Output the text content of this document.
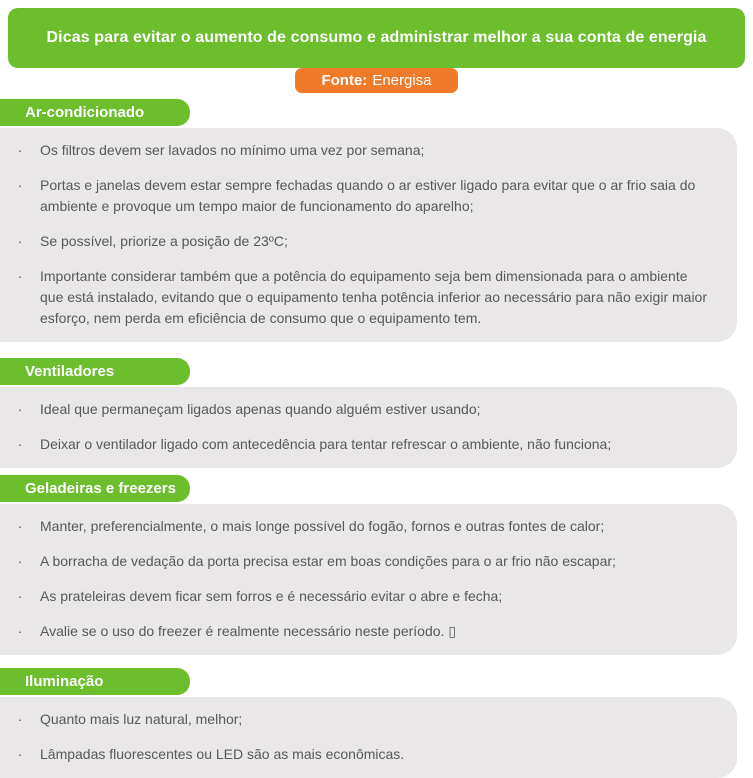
Dicas para evitar o aumento de consumo e administrar melhor a sua conta de energia
Fonte: Energisa
Ar-condicionado
·	Os filtros devem ser lavados no mínimo uma vez por semana;
·	Portas e janelas devem estar sempre fechadas quando o ar estiver ligado para evitar que o ar frio saia do ambiente e provoque um tempo maior de funcionamento do aparelho;
·	Se possível, priorize a posição de 23ºC;
·	Importante considerar também que a potência do equipamento seja bem dimensionada para o ambiente que está instalado, evitando que o equipamento tenha potência inferior ao necessário para não exigir maior esforço, nem perda em eficiência de consumo que o equipamento tem.
Ventiladores
·	Ideal que permaneçam ligados apenas quando alguém estiver usando;
·	Deixar o ventilador ligado com antecedência para tentar refrescar o ambiente, não funciona;
Geladeiras e freezers
·	Manter, preferencialmente, o mais longe possível do fogão, fornos e outras fontes de calor;
·	A borracha de vedação da porta precisa estar em boas condições para o ar frio não escapar;
·	As prateleiras devem ficar sem forros e é necessário evitar o abre e fecha;
·	Avalie se o uso do freezer é realmente necessário neste período. ▯
Iluminação
·	Quanto mais luz natural, melhor;
·	Lâmpadas fluorescentes ou LED são as mais econômicas.
